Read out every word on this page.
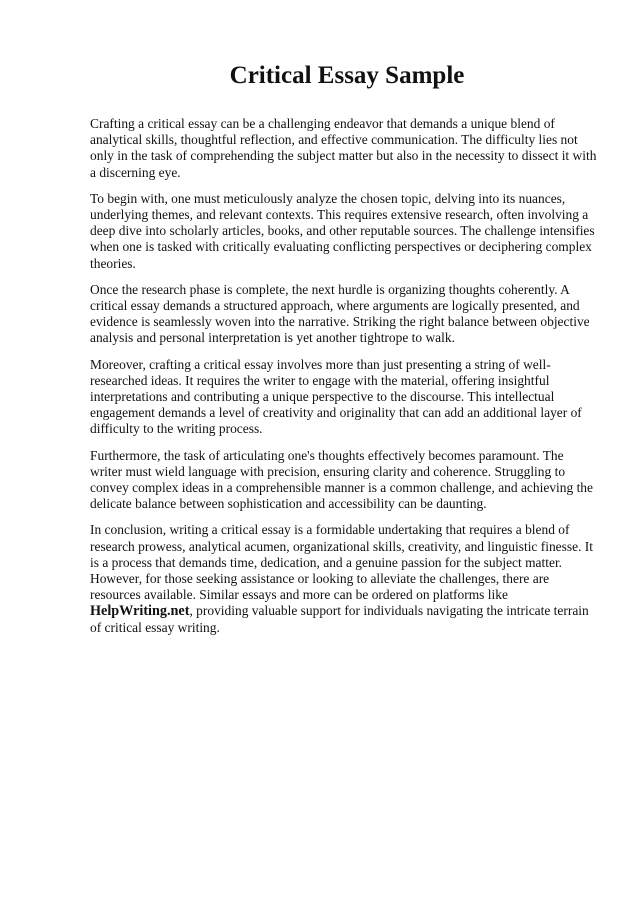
Critical Essay Sample

Crafting a critical essay can be a challenging endeavor that demands a unique blend of analytical skills, thoughtful reflection, and effective communication. The difficulty lies not only in the task of comprehending the subject matter but also in the necessity to dissect it with a discerning eye.

To begin with, one must meticulously analyze the chosen topic, delving into its nuances, underlying themes, and relevant contexts. This requires extensive research, often involving a deep dive into scholarly articles, books, and other reputable sources. The challenge intensifies when one is tasked with critically evaluating conflicting perspectives or deciphering complex theories.

Once the research phase is complete, the next hurdle is organizing thoughts coherently. A critical essay demands a structured approach, where arguments are logically presented, and evidence is seamlessly woven into the narrative. Striking the right balance between objective analysis and personal interpretation is yet another tightrope to walk.

Moreover, crafting a critical essay involves more than just presenting a string of well-researched ideas. It requires the writer to engage with the material, offering insightful interpretations and contributing a unique perspective to the discourse. This intellectual engagement demands a level of creativity and originality that can add an additional layer of difficulty to the writing process.

Furthermore, the task of articulating one's thoughts effectively becomes paramount. The writer must wield language with precision, ensuring clarity and coherence. Struggling to convey complex ideas in a comprehensible manner is a common challenge, and achieving the delicate balance between sophistication and accessibility can be daunting.

In conclusion, writing a critical essay is a formidable undertaking that requires a blend of research prowess, analytical acumen, organizational skills, creativity, and linguistic finesse. It is a process that demands time, dedication, and a genuine passion for the subject matter. However, for those seeking assistance or looking to alleviate the challenges, there are resources available. Similar essays and more can be ordered on platforms like HelpWriting.net, providing valuable support for individuals navigating the intricate terrain of critical essay writing.
